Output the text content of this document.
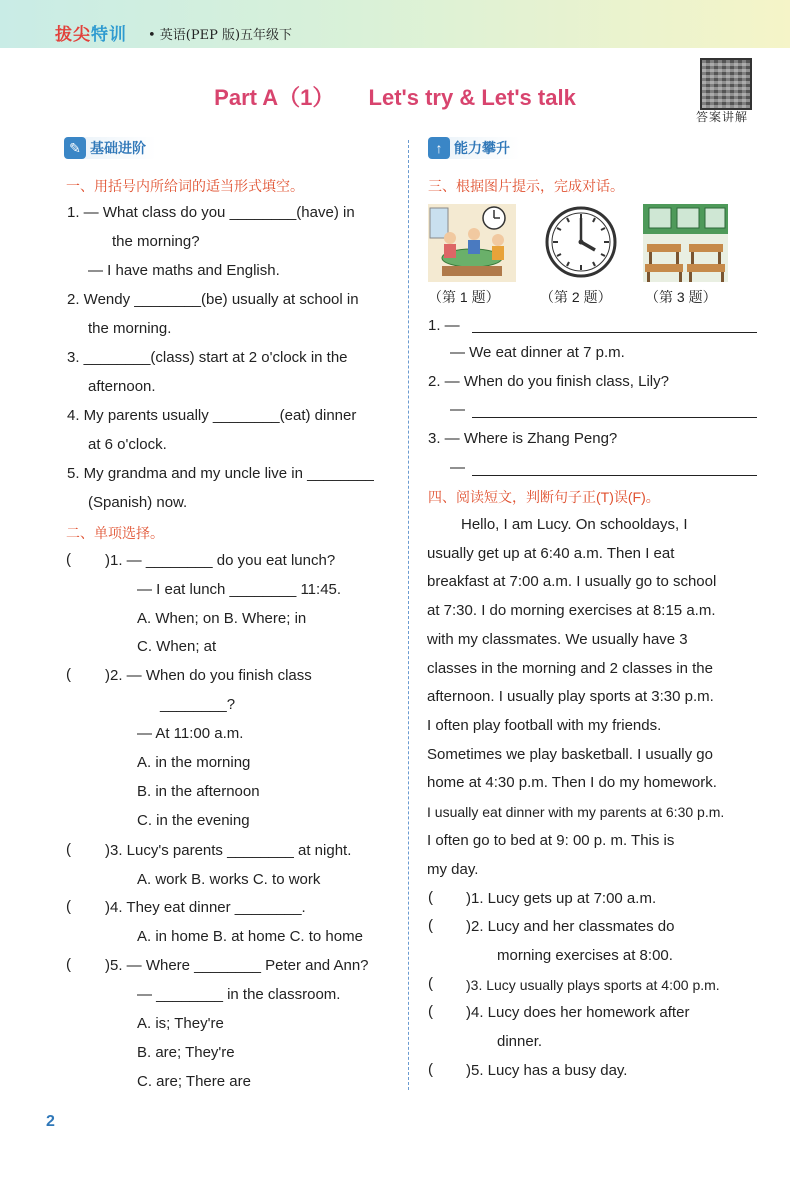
拔尖特训 • 英语(PEP 版)五年级下
Part A（1） Let's try & Let's talk
答案讲解
✎ 基础进阶
一、用括号内所给词的适当形式填空。
1. — What class do you ________(have) in
the morning?
— I have maths and English.
2. Wendy ________(be) usually at school in
the morning.
3. ________(class) start at 2 o'clock in the
afternoon.
4. My parents usually ________(eat) dinner
at 6 o'clock.
5. My grandma and my uncle live in ________
(Spanish) now.
二、单项选择。
( )1. — ________ do you eat lunch?
— I eat lunch ________ 11:45.
A. When; on B. Where; in
C. When; at
( )2. — When do you finish class
________?
— At 11:00 a.m.
A. in the morning
B. in the afternoon
C. in the evening
( )3. Lucy's parents ________ at night.
A. work B. works C. to work
( )4. They eat dinner ________.
A. in home B. at home C. to home
( )5. — Where ________ Peter and Ann?
— ________ in the classroom.
A. is; They're
B. are; They're
C. are; There are
↑ 能力攀升
三、根据图片提示，完成对话。
（第 1 题）	（第 2 题） （第 3 题）
1. —
— We eat dinner at 7 p.m.
2. — When do you finish class, Lily?
—
3. — Where is Zhang Peng?
—
四、阅读短文，判断句子正(T)误(F)。
Hello, I am Lucy. On schooldays, I
usually get up at 6:40 a.m. Then I eat
breakfast at 7:00 a.m. I usually go to school
at 7:30. I do morning exercises at 8:15 a.m.
with my classmates. We usually have 3
classes in the morning and 2 classes in the
afternoon. I usually play sports at 3:30 p.m.
I often play football with my friends.
Sometimes we play basketball. I usually go
home at 4:30 p.m. Then I do my homework.
I usually eat dinner with my parents at 6:30 p.m.
I often go to bed at 9: 00 p. m. This is
my day.
( )1. Lucy gets up at 7:00 a.m.
( )2. Lucy and her classmates do
morning exercises at 8:00.
( )3. Lucy usually plays sports at 4:00 p.m.
( )4. Lucy does her homework after
dinner.
( )5. Lucy has a busy day.
2
